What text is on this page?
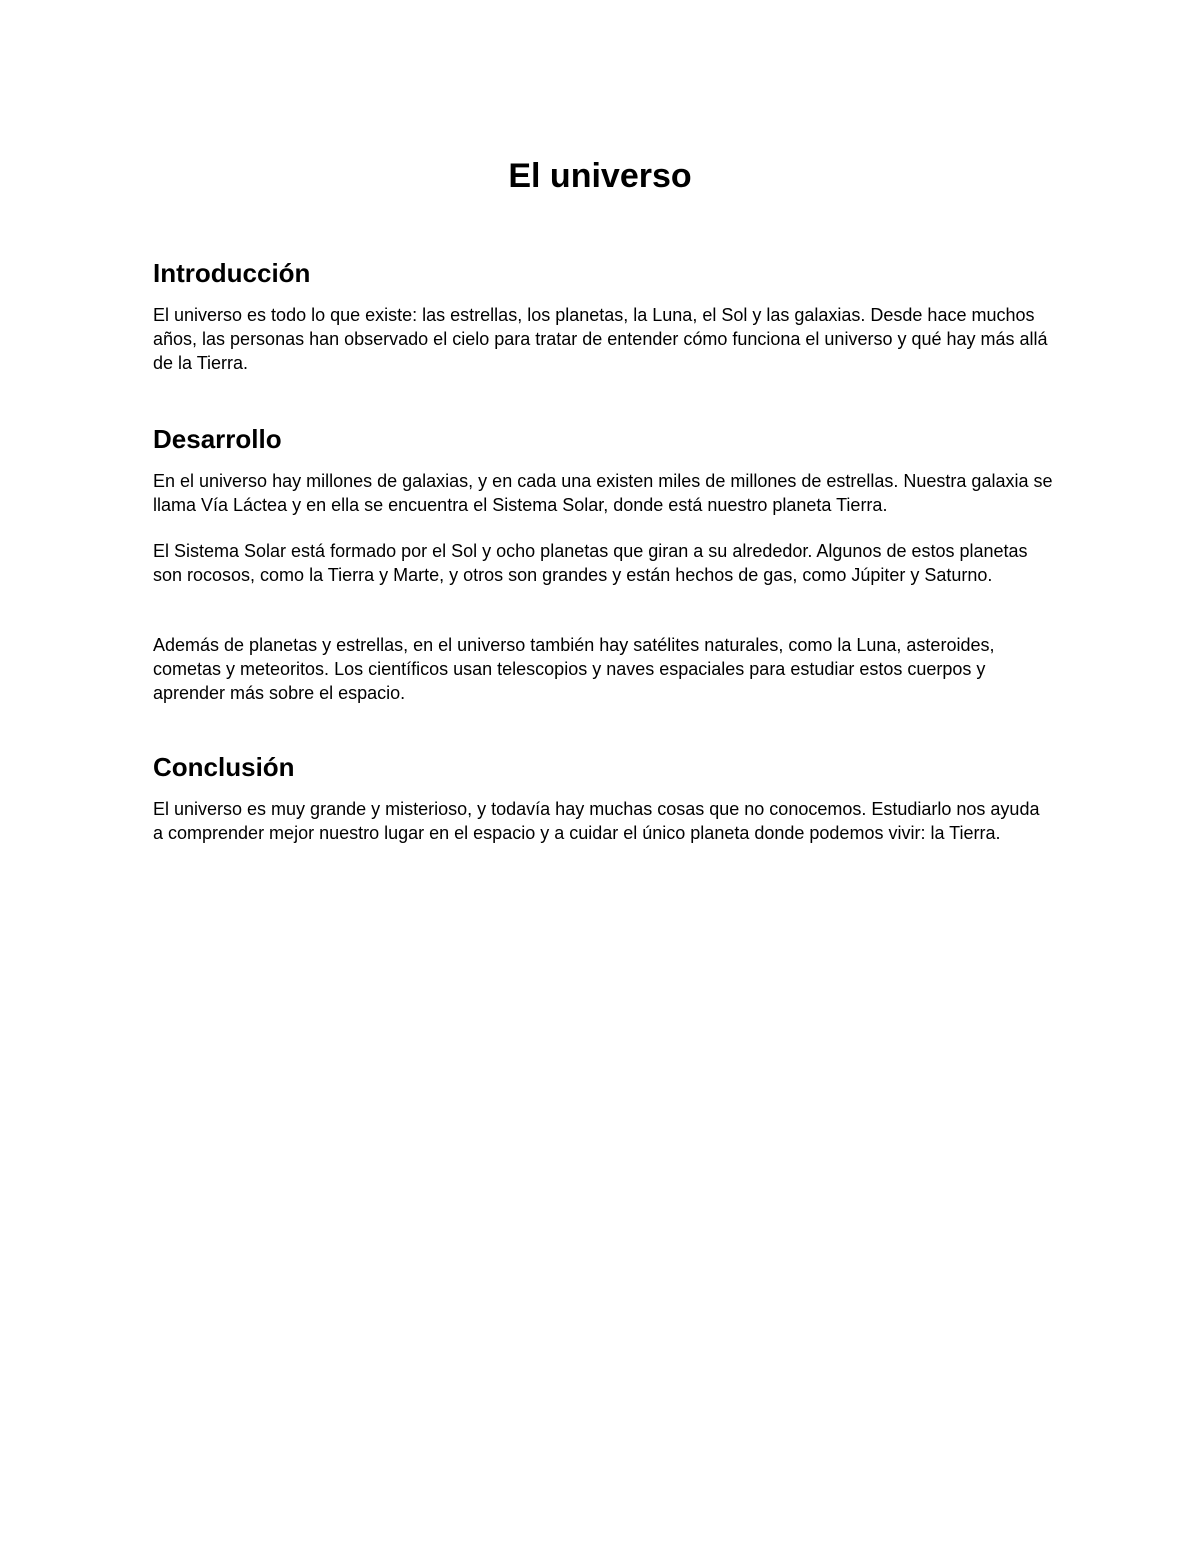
El universo
Introducción

El universo es todo lo que existe: las estrellas, los planetas, la Luna, el Sol y las galaxias. Desde hace muchos años, las personas han observado el cielo para tratar de entender cómo funciona el universo y qué hay más allá de la Tierra.

Desarrollo

En el universo hay millones de galaxias, y en cada una existen miles de millones de estrellas. Nuestra galaxia se llama Vía Láctea y en ella se encuentra el Sistema Solar, donde está nuestro planeta Tierra.

El Sistema Solar está formado por el Sol y ocho planetas que giran a su alrededor. Algunos de estos planetas son rocosos, como la Tierra y Marte, y otros son grandes y están hechos de gas, como Júpiter y Saturno.

Además de planetas y estrellas, en el universo también hay satélites naturales, como la Luna, asteroides, cometas y meteoritos. Los científicos usan telescopios y naves espaciales para estudiar estos cuerpos y aprender más sobre el espacio.

Conclusión

El universo es muy grande y misterioso, y todavía hay muchas cosas que no conocemos. Estudiarlo nos ayuda a comprender mejor nuestro lugar en el espacio y a cuidar el único planeta donde podemos vivir: la Tierra.
